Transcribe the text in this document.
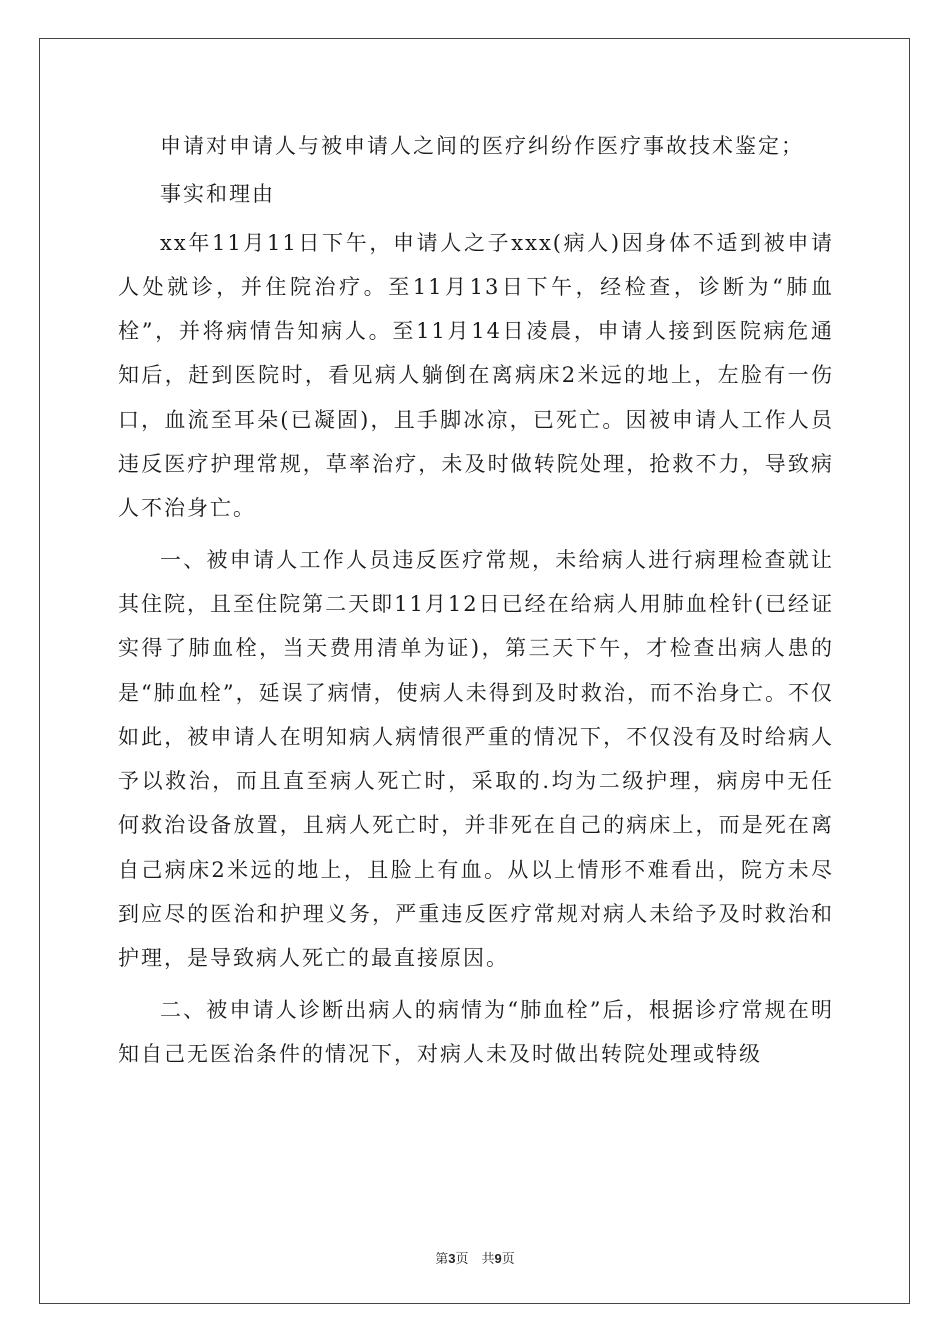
申请对申请人与被申请人之间的医疗纠纷作医疗事故技术鉴定；

事实和理由

xx年11月11日下午，申请人之子xxx(病人)因身体不适到被申请人处就诊，并住院治疗。至11月13日下午，经检查，诊断为“肺血栓”，并将病情告知病人。至11月14日凌晨，申请人接到医院病危通知后，赶到医院时，看见病人躺倒在离病床2米远的地上，左脸有一伤口，血流至耳朵(已凝固)，且手脚冰凉，已死亡。因被申请人工作人员违反医疗护理常规，草率治疗，未及时做转院处理，抢救不力，导致病人不治身亡。

一、被申请人工作人员违反医疗常规，未给病人进行病理检查就让其住院，且至住院第二天即11月12日已经在给病人用肺血栓针(已经证实得了肺血栓，当天费用清单为证)，第三天下午，才检查出病人患的是“肺血栓”，延误了病情，使病人未得到及时救治，而不治身亡。不仅如此，被申请人在明知病人病情很严重的情况下，不仅没有及时给病人予以救治，而且直至病人死亡时，采取的.均为二级护理，病房中无任何救治设备放置，且病人死亡时，并非死在自己的病床上，而是死在离自己病床2米远的地上，且脸上有血。从以上情形不难看出，院方未尽到应尽的医治和护理义务，严重违反医疗常规对病人未给予及时救治和护理，是导致病人死亡的最直接原因。

二、被申请人诊断出病人的病情为“肺血栓”后，根据诊疗常规在明知自己无医治条件的情况下，对病人未及时做出转院处理或特级

第3页　共9页
